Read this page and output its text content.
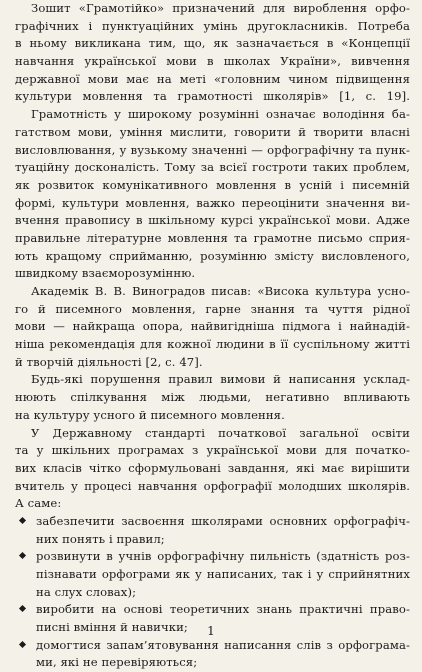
Зошит «Грамотійко» призначений для вироблення орфо-
графічних і пунктуаційних умінь другокласників. Потреба
в ньому викликана тим, що, як зазначається в «Концепції
навчання української мови в школах України», вивчення
державної мови має на меті «головним чином підвищення
культури мовлення та грамотності школярів» [1, с. 19].
Грамотність у широкому розумінні означає володіння ба-
гатством мови, уміння мислити, говорити й творити власні
висловлювання, у вузькому значенні — орфографічну та пунк-
туаційну досконалість. Тому за всієї гостроти таких проблем,
як розвиток комунікативного мовлення в усній і писемній
формі, культури мовлення, важко переоцінити значення ви-
вчення правопису в шкільному курсі української мови. Адже
правильне літературне мовлення та грамотне письмо сприя-
ють кращому сприйманню, розумінню змісту висловленого,
швидкому взаєморозумінню.
Академік В. В. Виноградов писав: «Висока культура усно-
го й писемного мовлення, гарне знання та чуття рідної
мови — найкраща опора, найвигідніша підмога і найнадій-
ніша рекомендація для кожної людини в її суспільному житті
й творчій діяльності [2, с. 47].
Будь-які порушення правил вимови й написання усклад-
нюють спілкування між людьми, негативно впливають
на культуру усного й писемного мовлення.
У Державному стандарті початкової загальної освіти
та у шкільних програмах з української мови для початко-
вих класів чітко сформульовані завдання, які має вирішити
вчитель у процесі навчання орфографії молодших школярів.
А саме:
забезпечити засвоєння школярами основних орфографіч-
них понять і правил;
розвинути в учнів орфографічну пильність (здатність роз-
пізнавати орфограми як у написаних, так і у сприйнятних
на слух словах);
виробити на основі теоретичних знань практичні право-
писні вміння й навички;
домогтися запам’ятовування написання слів з орфограма-
ми, які не перевіряються;
1
